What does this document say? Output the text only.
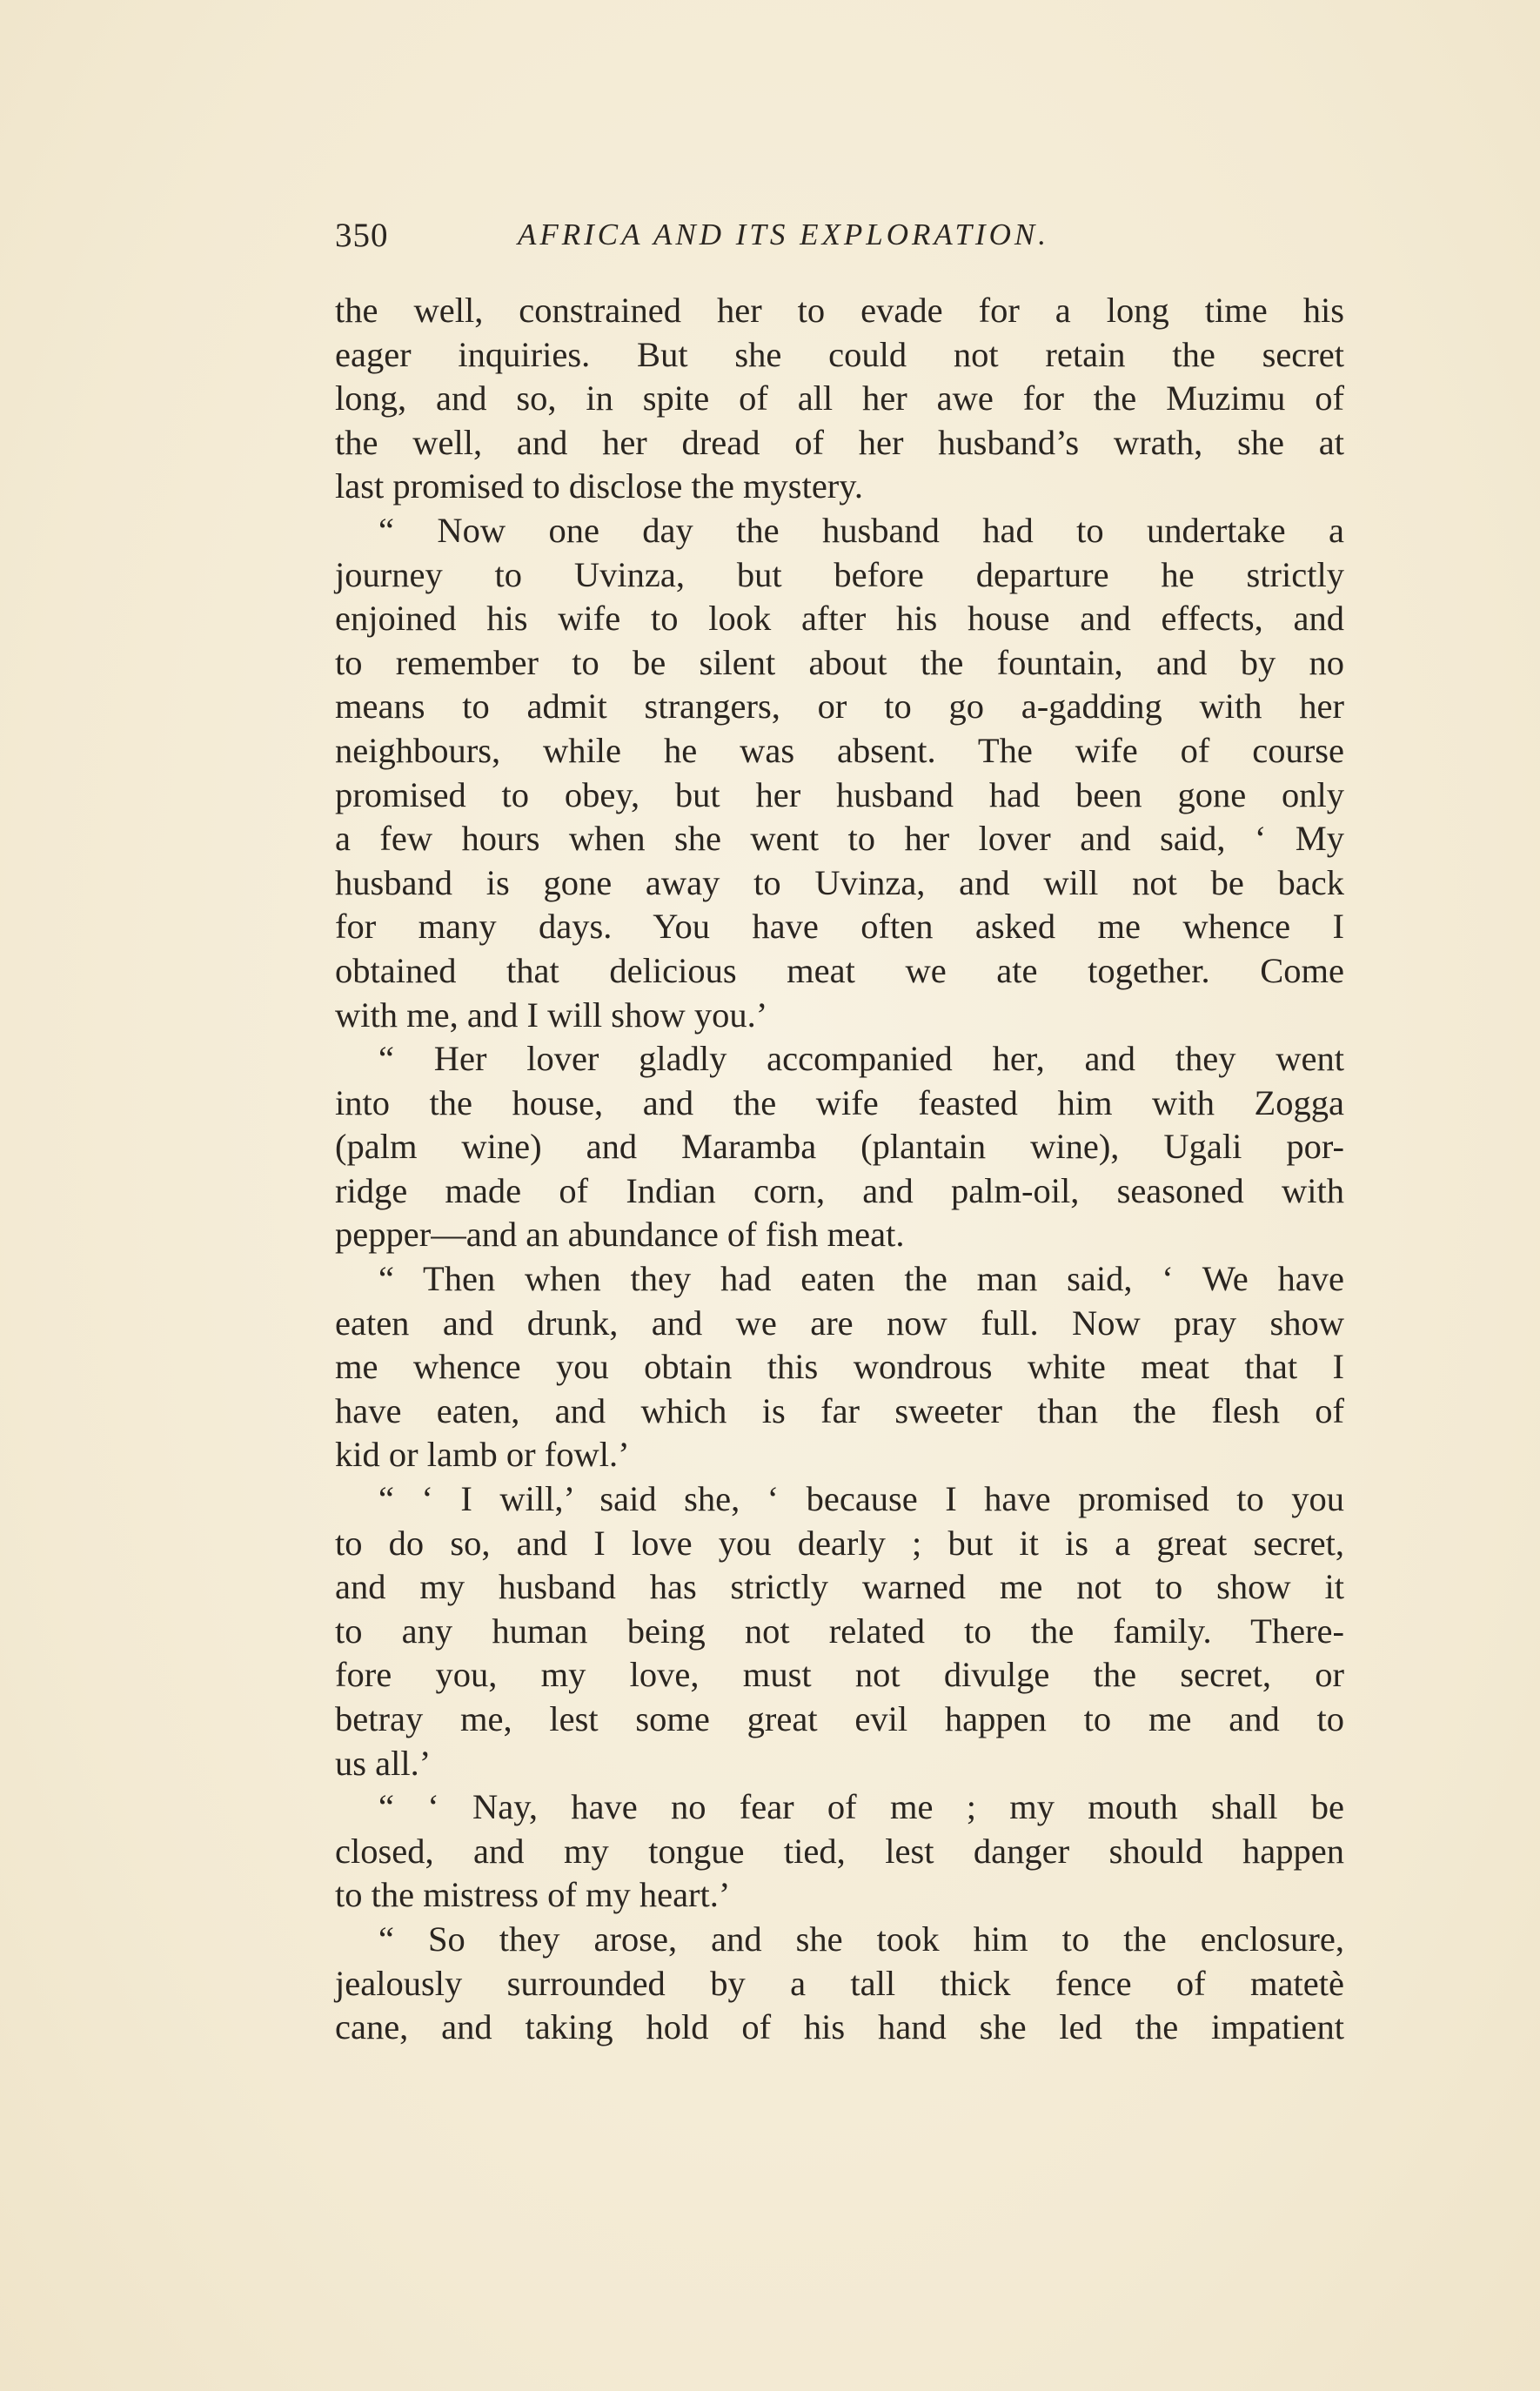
350	AFRICA AND ITS EXPLORATION.

the well, constrained her to evade for a long time his

eager inquiries. But she could not retain the secret

long, and so, in spite of all her awe for the Muzimu of

the well, and her dread of her husband’s wrath, she at

last promised to disclose the mystery.

“ Now one day the husband had to undertake a

journey to Uvinza, but before departure he strictly

enjoined his wife to look after his house and effects, and

to remember to be silent about the fountain, and by no

means to admit strangers, or to go a-gadding with her

neighbours, while he was absent. The wife of course

promised to obey, but her husband had been gone only

a few hours when she went to her lover and said, ‘ My

husband is gone away to Uvinza, and will not be back

for many days. You have often asked me whence I

obtained that delicious meat we ate together. Come

with me, and I will show you.’

“ Her lover gladly accompanied her, and they went

into the house, and the wife feasted him with Zogga

(palm wine) and Maramba (plantain wine), Ugali por-

ridge made of Indian corn, and palm-oil, seasoned with

pepper—and an abundance of fish meat.

“ Then when they had eaten the man said, ‘ We have

eaten and drunk, and we are now full. Now pray show

me whence you obtain this wondrous white meat that I

have eaten, and which is far sweeter than the flesh of

kid or lamb or fowl.’

“ ‘ I will,’ said she, ‘ because I have promised to you

to do so, and I love you dearly ; but it is a great secret,

and my husband has strictly warned me not to show it

to any human being not related to the family. There-

fore you, my love, must not divulge the secret, or

betray me, lest some great evil happen to me and to

us all.’

“ ‘ Nay, have no fear of me ; my mouth shall be

closed, and my tongue tied, lest danger should happen

to the mistress of my heart.’

“ So they arose, and she took him to the enclosure,

jealously surrounded by a tall thick fence of matetè

cane, and taking hold of his hand she led the impatient
